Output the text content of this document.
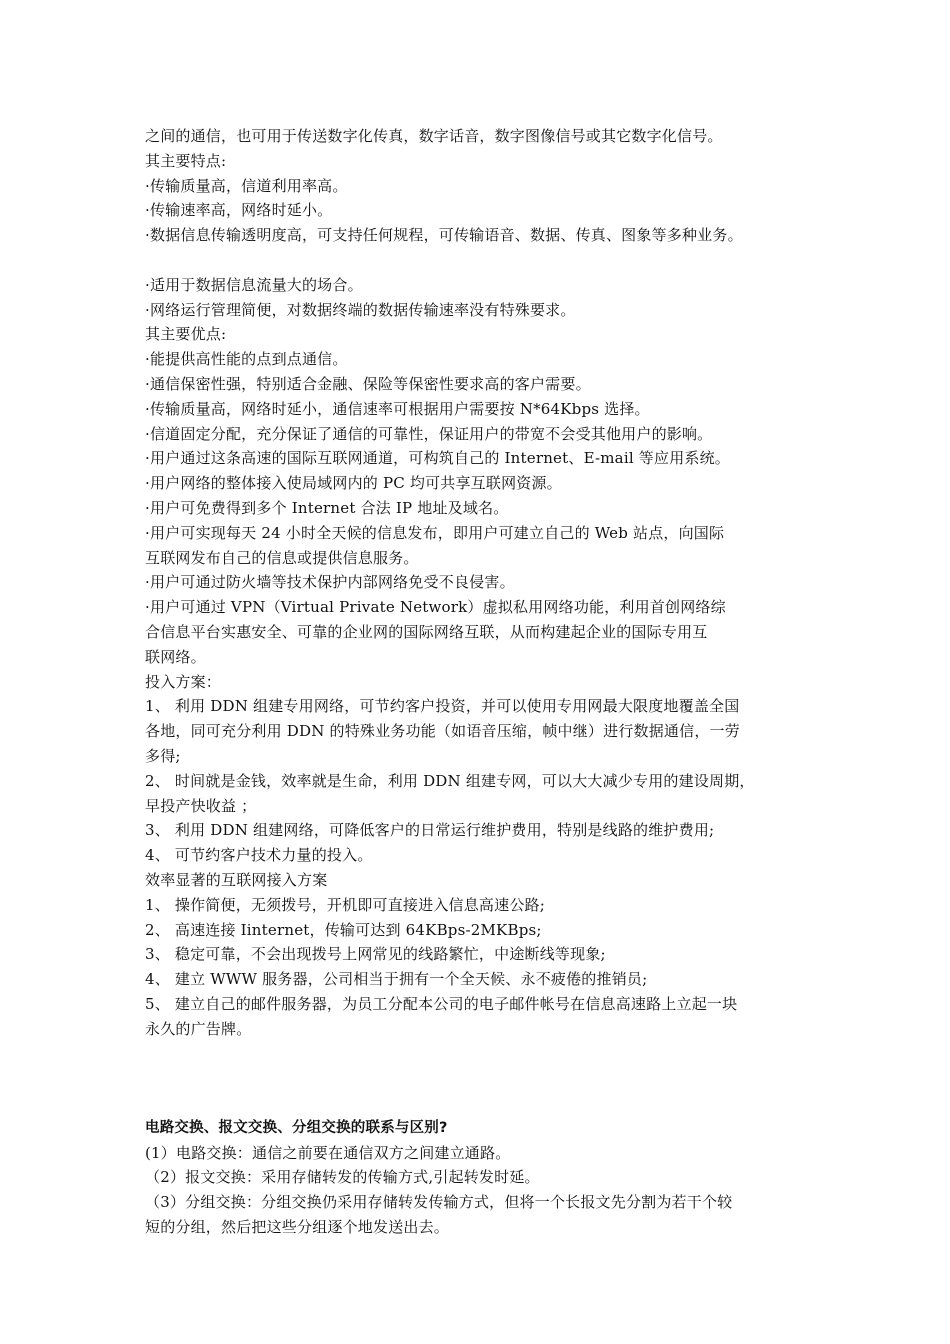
之间的通信，也可用于传送数字化传真，数字话音，数字图像信号或其它数字化信号。
其主要特点:
·传输质量高，信道利用率高。
·传输速率高，网络时延小。
·数据信息传输透明度高，可支持任何规程，可传输语音、数据、传真、图象等多种业务。
·适用于数据信息流量大的场合。
·网络运行管理简便，对数据终端的数据传输速率没有特殊要求。
其主要优点:
·能提供高性能的点到点通信。
·通信保密性强，特别适合金融、保险等保密性要求高的客户需要。
·传输质量高，网络时延小，通信速率可根据用户需要按 N*64Kbps 选择。
·信道固定分配，充分保证了通信的可靠性，保证用户的带宽不会受其他用户的影响。
·用户通过这条高速的国际互联网通道，可构筑自己的 Internet、E-mail 等应用系统。
·用户网络的整体接入使局域网内的 PC 均可共享互联网资源。
·用户可免费得到多个 Internet 合法 IP 地址及域名。
·用户可实现每天 24 小时全天候的信息发布，即用户可建立自己的 Web 站点，向国际
互联网发布自己的信息或提供信息服务。
·用户可通过防火墙等技术保护内部网络免受不良侵害。
·用户可通过 VPN（Virtual Private Network）虚拟私用网络功能，利用首创网络综
合信息平台实惠安全、可靠的企业网的国际网络互联，从而构建起企业的国际专用互
联网络。
投入方案：
1、 利用 DDN 组建专用网络，可节约客户投资，并可以使用专用网最大限度地覆盖全国
各地，同可充分利用 DDN 的特殊业务功能（如语音压缩，帧中继）进行数据通信，一劳
多得;
2、 时间就是金钱，效率就是生命，利用 DDN 组建专网，可以大大减少专用的建设周期，
早投产快收益 ；
3、 利用 DDN 组建网络，可降低客户的日常运行维护费用，特别是线路的维护费用;
4、 可节约客户技术力量的投入。
效率显著的互联网接入方案
1、 操作简便，无须拨号，开机即可直接进入信息高速公路;
2、 高速连接 Iinternet，传输可达到 64KBps-2MKBps;
3、 稳定可靠，不会出现拨号上网常见的线路繁忙，中途断线等现象;
4、 建立 WWW 服务器，公司相当于拥有一个全天候、永不疲倦的推销员;
5、 建立自己的邮件服务器，为员工分配本公司的电子邮件帐号在信息高速路上立起一块
永久的广告牌。
电路交换、报文交换、分组交换的联系与区别?
(1）电路交换：通信之前要在通信双方之间建立通路。
（2）报文交换：采用存储转发的传输方式,引起转发时延。
（3）分组交换：分组交换仍采用存储转发传输方式，但将一个长报文先分割为若干个较
短的分组，然后把这些分组逐个地发送出去。
